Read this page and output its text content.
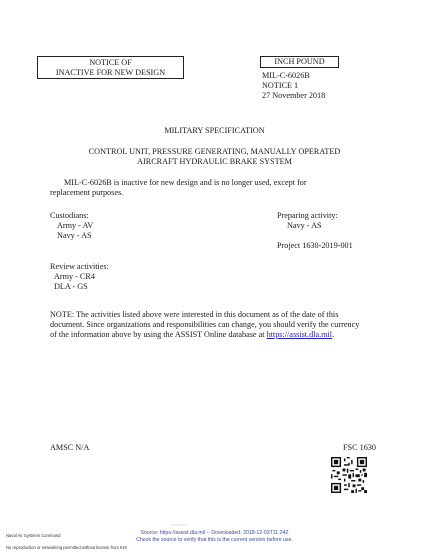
NOTICE OF
INACTIVE FOR NEW DESIGN
INCH POUND
MIL-C-6026B
NOTICE 1
27 November 2018
MILITARY SPECIFICATION
CONTROL UNIT, PRESSURE GENERATING, MANUALLY OPERATED
AIRCRAFT HYDRAULIC BRAKE SYSTEM
MIL-C-6026B is inactive for new design and is no longer used, except for
replacement purposes.
Custodians:
Army - AV
Navy - AS
Preparing activity:
Navy - AS
Project 1630-2019-001
Review activities:
Army - CR4
DLA - GS
NOTE: The activities listed above were interested in this document as of the date of this
document. Since organizations and responsibilities can change, you should verify the currency
of the information above by using the ASSIST Online database at https://assist.dla.mil.
AMSC N/A	FSC 1630
• • • • • • •
Naval Air Systems Command
No reproduction or networking permitted without license from IHS
Source: https://assist.dla.mil -- Downloaded: 2018-12-03T11:24Z
Check the source to verify that this is the current version before use.
